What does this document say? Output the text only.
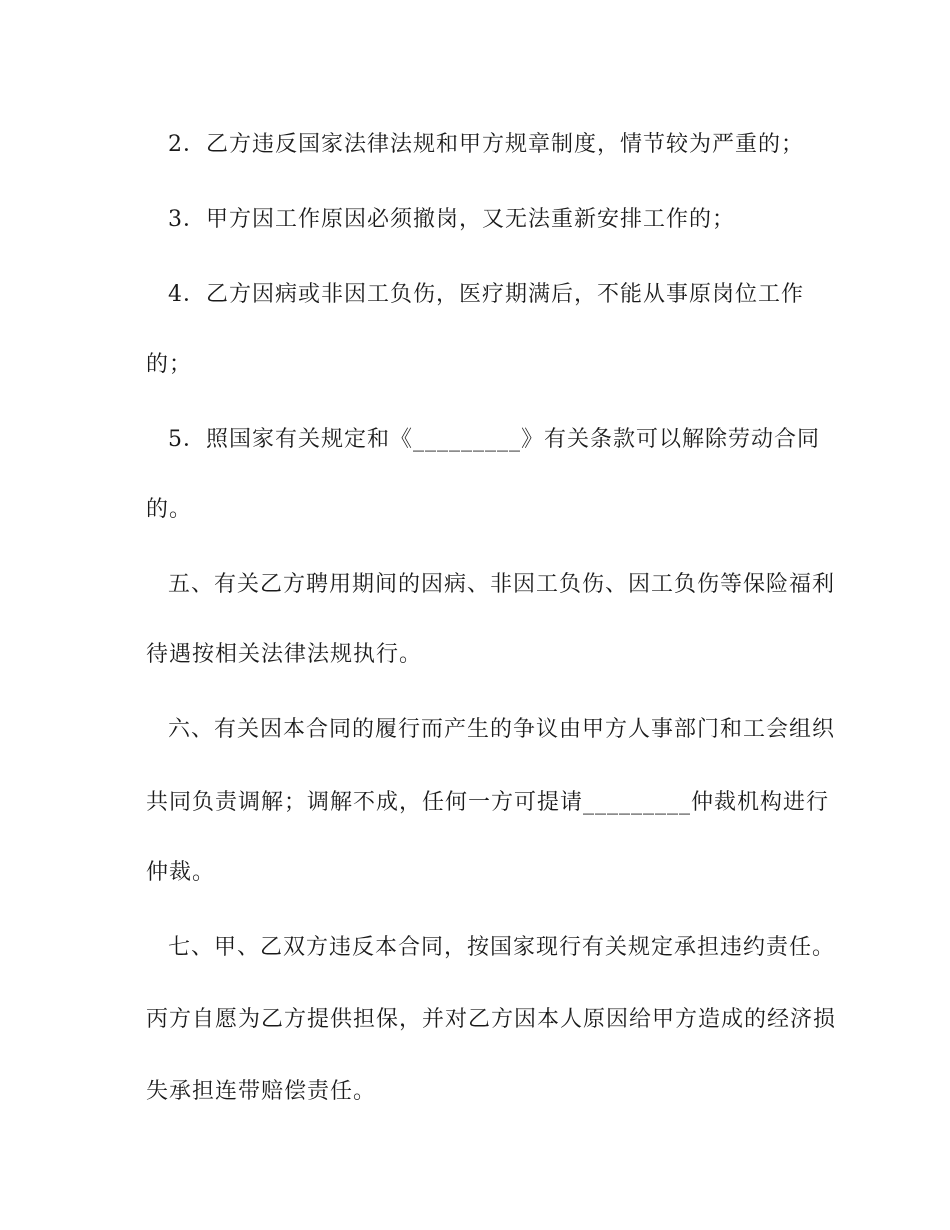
2．乙方违反国家法律法规和甲方规章制度，情节较为严重的；
3．甲方因工作原因必须撤岗，又无法重新安排工作的；
4．乙方因病或非因工负伤，医疗期满后，不能从事原岗位工作
的；
5．照国家有关规定和《_________》有关条款可以解除劳动合同
的。
五、有关乙方聘用期间的因病、非因工负伤、因工负伤等保险福利
待遇按相关法律法规执行。
六、有关因本合同的履行而产生的争议由甲方人事部门和工会组织
共同负责调解；调解不成，任何一方可提请_________仲裁机构进行
仲裁。
七、甲、乙双方违反本合同，按国家现行有关规定承担违约责任。
丙方自愿为乙方提供担保，并对乙方因本人原因给甲方造成的经济损
失承担连带赔偿责任。
